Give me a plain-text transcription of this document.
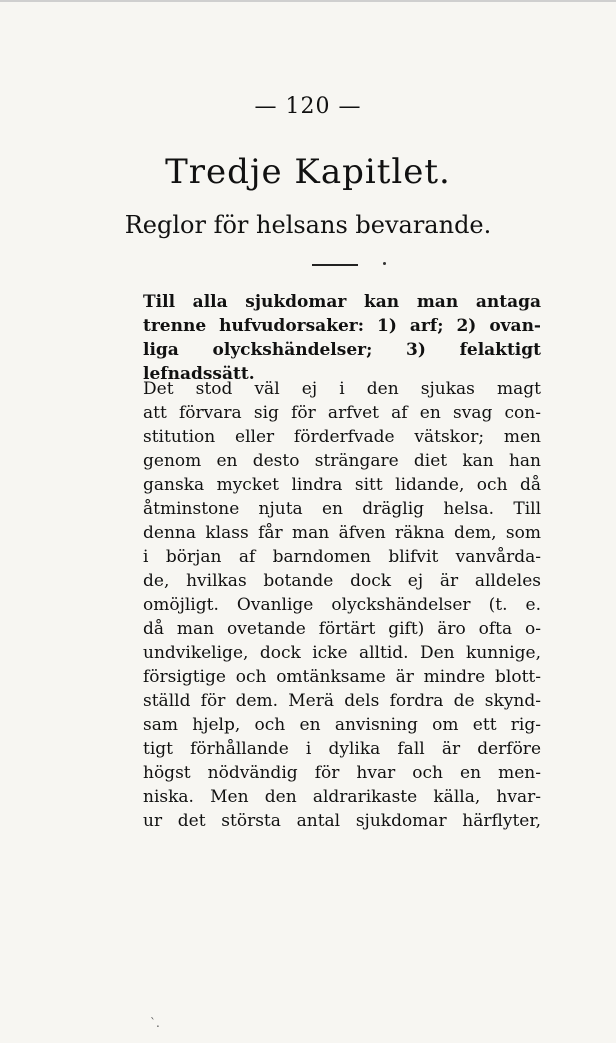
— 120 —
Tredje Kapitlet.
Reglor för helsans bevarande.
Till alla sjukdomar kan man antaga
trenne hufvudorsaker: 1) arf; 2) ovan-
liga olyckshändelser; 3) felaktigt
lefnadssätt.
Det stod väl ej i den sjukas magt
att förvara sig för arfvet af en svag con-
stitution eller förderfvade vätskor; men
genom en desto strängare diet kan han
ganska mycket lindra sitt lidande, och då
åtminstone njuta en dräglig helsa. Till
denna klass får man äfven räkna dem, som
i början af barndomen blifvit vanvårda-
de, hvilkas botande dock ej är alldeles
omöjligt. Ovanlige olyckshändelser (t. e.
då man ovetande förtärt gift) äro ofta o-
undvikelige, dock icke alltid. Den kunnige,
försigtige och omtänksame är mindre blott-
ställd för dem. Merä dels fordra de skynd-
sam hjelp, och en anvisning om ett rig-
tigt förhållande i dylika fall är derföre
högst nödvändig för hvar och en men-
niska. Men den aldrarikaste källa, hvar-
ur det största antal sjukdomar härflyter,
`.
